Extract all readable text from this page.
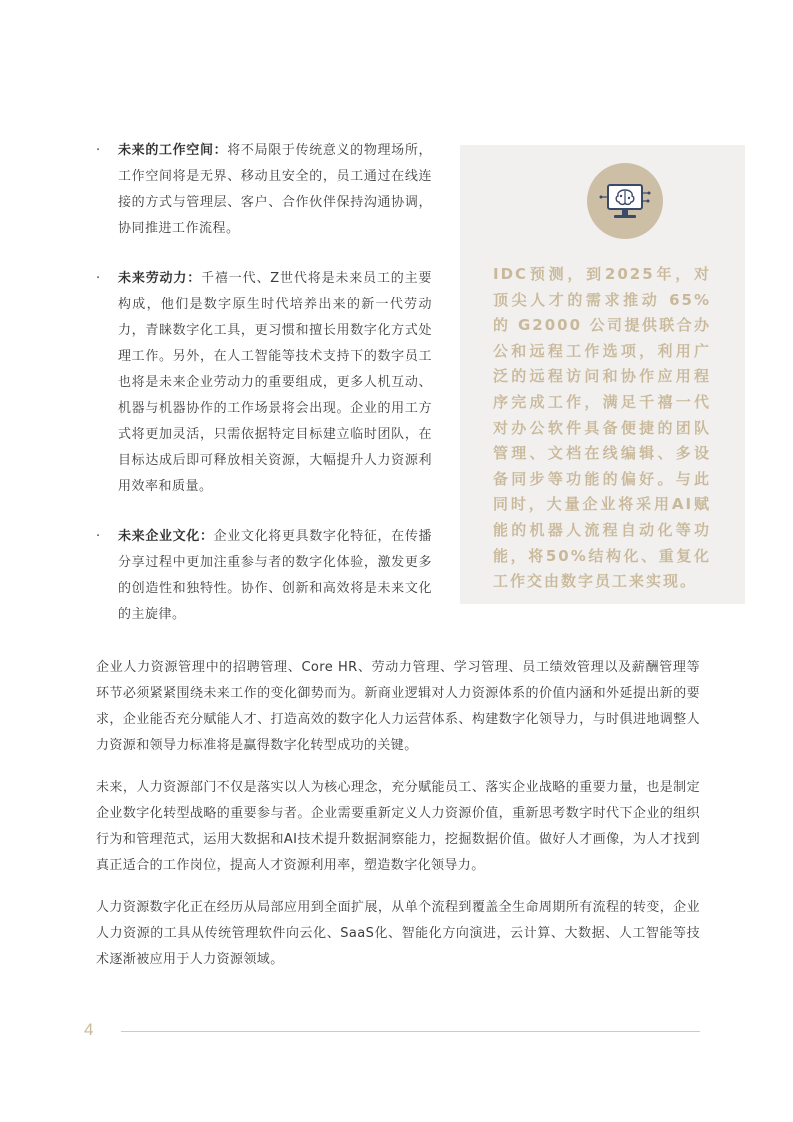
·	未来的工作空间：将不局限于传统意义的物理场所，工作空间将是无界、移动且安全的，员工通过在线连接的方式与管理层、客户、合作伙伴保持沟通协调，协同推进工作流程。
·	未来劳动力：千禧一代、Z世代将是未来员工的主要构成，他们是数字原生时代培养出来的新一代劳动力，青睐数字化工具，更习惯和擅长用数字化方式处理工作。另外，在人工智能等技术支持下的数字员工也将是未来企业劳动力的重要组成，更多人机互动、机器与机器协作的工作场景将会出现。企业的用工方式将更加灵活，只需依据特定目标建立临时团队，在目标达成后即可释放相关资源，大幅提升人力资源利用效率和质量。
·	未来企业文化：企业文化将更具数字化特征，在传播分享过程中更加注重参与者的数字化体验，激发更多的创造性和独特性。协作、创新和高效将是未来文化的主旋律。
IDC预测，到2025年，对顶尖人才的需求推动 65% 的 G2000 公司提供联合办公和远程工作选项，利用广泛的远程访问和协作应用程序完成工作，满足千禧一代对办公软件具备便捷的团队管理、文档在线编辑、多设备同步等功能的偏好。与此同时，大量企业将采用AI赋能的机器人流程自动化等功能，将50%结构化、重复化工作交由数字员工来实现。
企业人力资源管理中的招聘管理、Core HR、劳动力管理、学习管理、员工绩效管理以及薪酬管理等环节必须紧紧围绕未来工作的变化御势而为。新商业逻辑对人力资源体系的价值内涵和外延提出新的要求，企业能否充分赋能人才、打造高效的数字化人力运营体系、构建数字化领导力，与时俱进地调整人力资源和领导力标准将是赢得数字化转型成功的关键。
未来，人力资源部门不仅是落实以人为核心理念，充分赋能员工、落实企业战略的重要力量，也是制定企业数字化转型战略的重要参与者。企业需要重新定义人力资源价值，重新思考数字时代下企业的组织行为和管理范式，运用大数据和AI技术提升数据洞察能力，挖掘数据价值。做好人才画像，为人才找到真正适合的工作岗位，提高人才资源利用率，塑造数字化领导力。
人力资源数字化正在经历从局部应用到全面扩展，从单个流程到覆盖全生命周期所有流程的转变，企业人力资源的工具从传统管理软件向云化、SaaS化、智能化方向演进，云计算、大数据、人工智能等技术逐渐被应用于人力资源领域。
4
